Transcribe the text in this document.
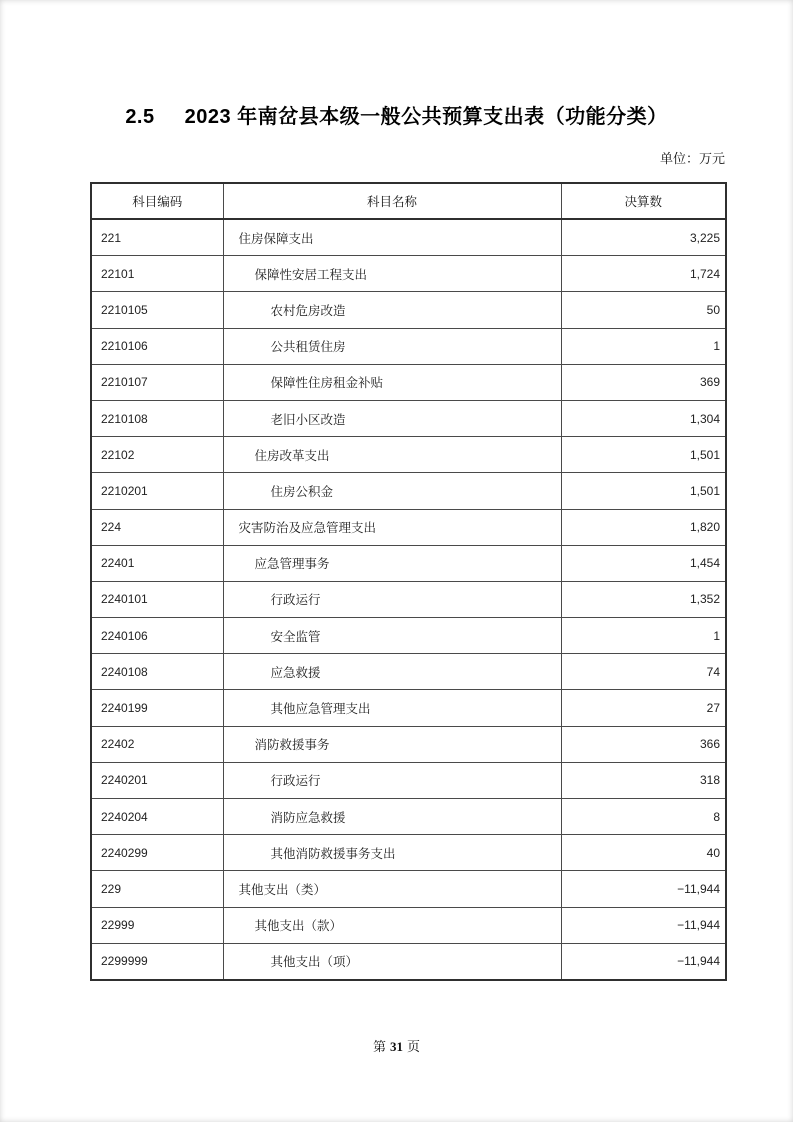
2.5 2023 年南岔县本级一般公共预算支出表（功能分类）
单位：万元
科目编码	科目名称	决算数
221	住房保障支出	3,225
22101	保障性安居工程支出	1,724
2210105	农村危房改造	50
2210106	公共租赁住房	1
2210107	保障性住房租金补贴	369
2210108	老旧小区改造	1,304
22102	住房改革支出	1,501
2210201	住房公积金	1,501
224	灾害防治及应急管理支出	1,820
22401	应急管理事务	1,454
2240101	行政运行	1,352
2240106	安全监管	1
2240108	应急救援	74
2240199	其他应急管理支出	27
22402	消防救援事务	366
2240201	行政运行	318
2240204	消防应急救援	8
2240299	其他消防救援事务支出	40
229	其他支出（类）	−11,944
22999	其他支出（款）	−11,944
2299999	其他支出（项）	−11,944
第 31 页
